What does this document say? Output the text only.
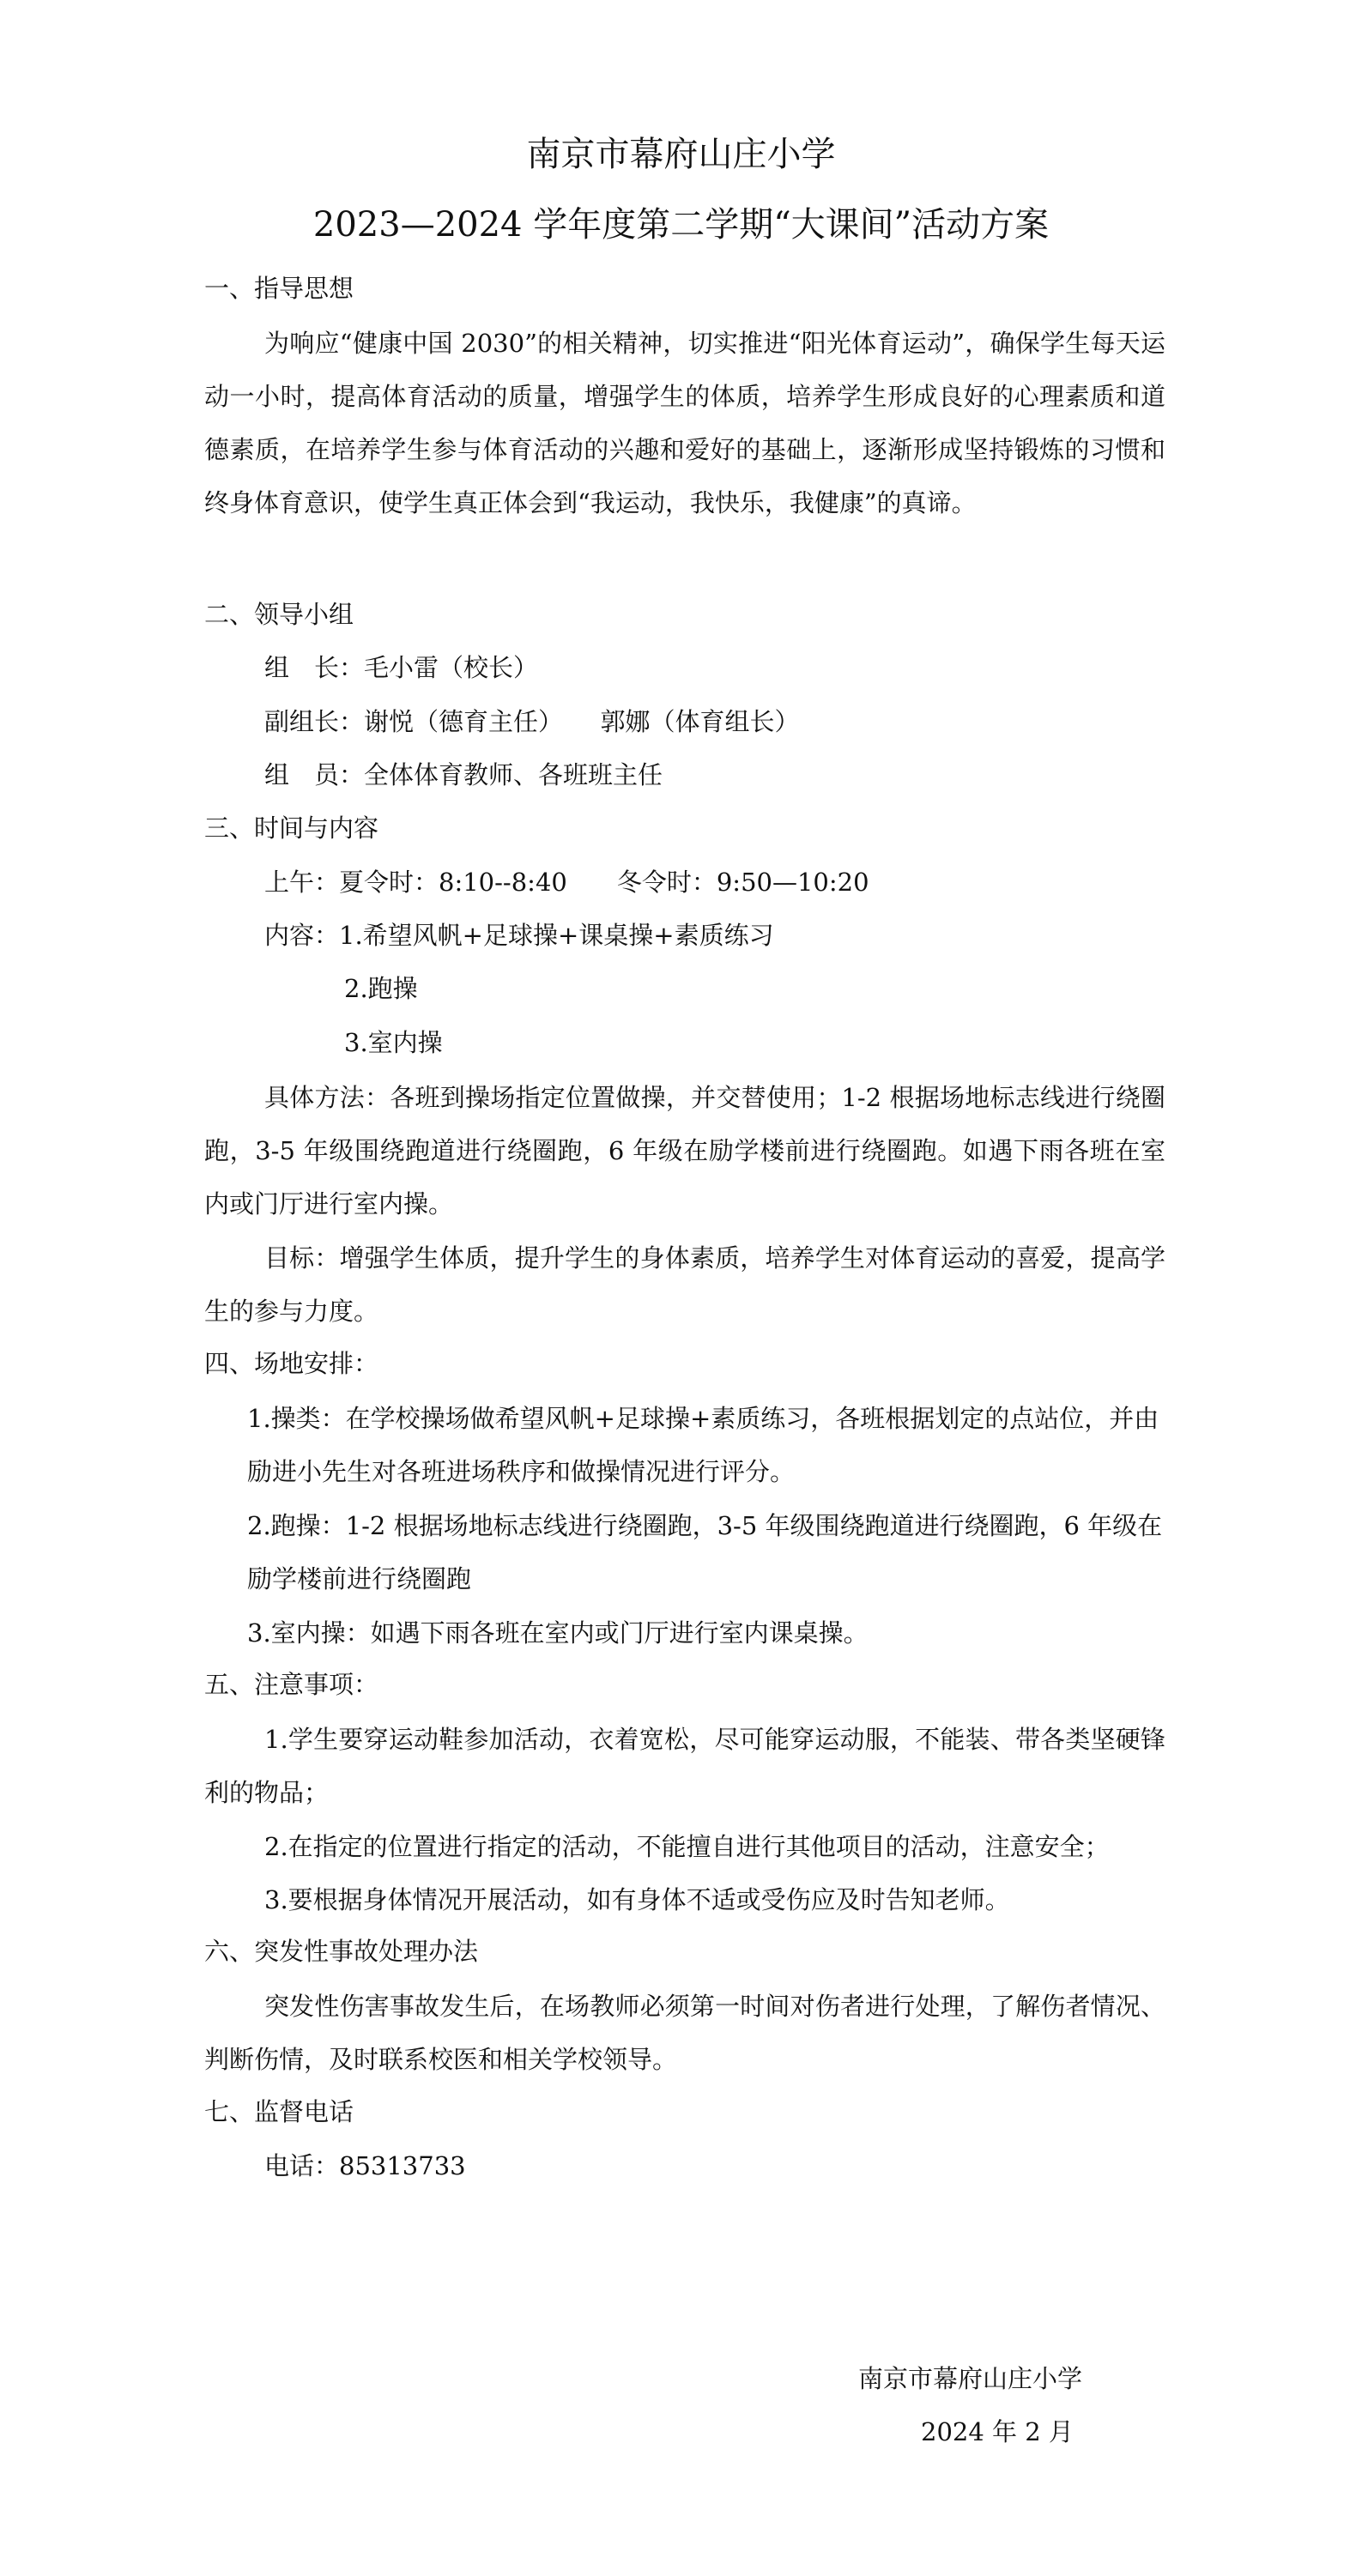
南京市幕府山庄小学
2023—2024 学年度第二学期“大课间”活动方案
一、指导思想

为响应“健康中国 2030”的相关精神，切实推进“阳光体育运动”，确保学生每天运动一小时，提高体育活动的质量，增强学生的体质，培养学生形成良好的心理素质和道德素质，在培养学生参与体育活动的兴趣和爱好的基础上，逐渐形成坚持锻炼的习惯和终身体育意识，使学生真正体会到“我运动，我快乐，我健康”的真谛。

二、领导小组
组　长：毛小雷（校长）
副组长：谢悦（德育主任）　　郭娜（体育组长）
组　员：全体体育教师、各班班主任
三、时间与内容
上午：夏令时：8:10--8:40　　冬令时：9:50—10:20
内容：1.希望风帆+足球操+课桌操+素质练习
2.跑操
3.室内操

具体方法：各班到操场指定位置做操，并交替使用；1-2 根据场地标志线进行绕圈跑，3-5 年级围绕跑道进行绕圈跑，6 年级在励学楼前进行绕圈跑。如遇下雨各班在室内或门厅进行室内操。

目标：增强学生体质，提升学生的身体素质，培养学生对体育运动的喜爱，提高学生的参与力度。

四、场地安排：

1.操类：在学校操场做希望风帆+足球操+素质练习，各班根据划定的点站位，并由励进小先生对各班进场秩序和做操情况进行评分。

2.跑操：1-2 根据场地标志线进行绕圈跑，3-5 年级围绕跑道进行绕圈跑，6 年级在励学楼前进行绕圈跑

3.室内操：如遇下雨各班在室内或门厅进行室内课桌操。

五、注意事项：

1.学生要穿运动鞋参加活动，衣着宽松，尽可能穿运动服，不能装、带各类坚硬锋利的物品；

2.在指定的位置进行指定的活动，不能擅自进行其他项目的活动，注意安全；

3.要根据身体情况开展活动，如有身体不适或受伤应及时告知老师。

六、突发性事故处理办法

突发性伤害事故发生后，在场教师必须第一时间对伤者进行处理，了解伤者情况、判断伤情，及时联系校医和相关学校领导。

七、监督电话
电话：85313733
南京市幕府山庄小学
2024 年 2 月
